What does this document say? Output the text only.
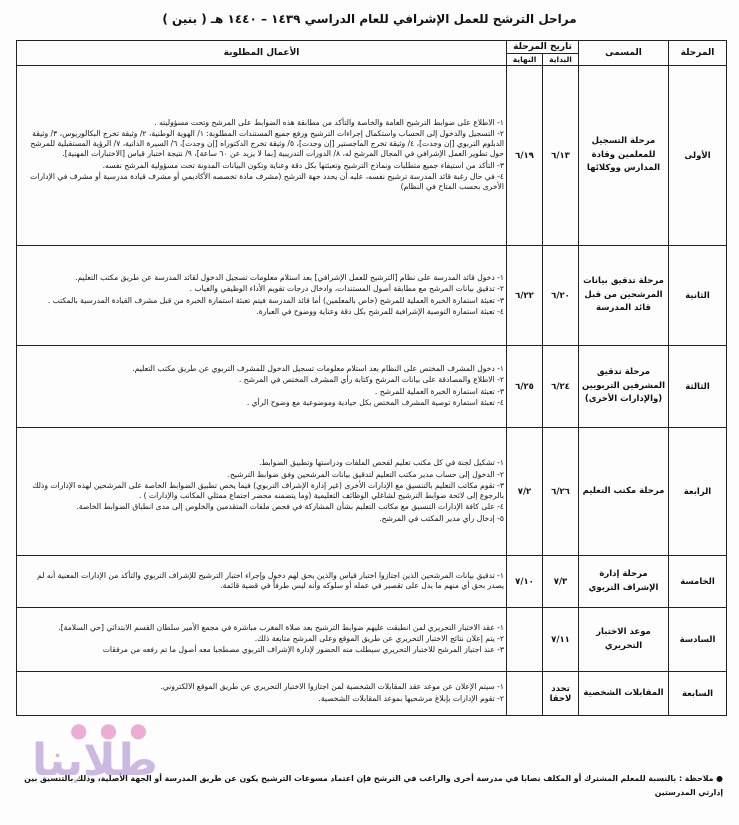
مراحل الترشح للعمل الإشرافي للعام الدراسي ١٤٣٩ – ١٤٤٠ هـ ( بنين )
المرحلة	المسمى	تاريخ المرحلة		الأعمال المطلوبة
		البداية	النهاية	
الأولى	مرحلة التسجيل للمعلمين وقادة المدارس ووكلائها	٦/١٣	٦/١٩	١- الاطلاع على ضوابط الترشيح العامة والخاصة والتأكد من مطابقة هذه الضوابط على المرشح وتحت مسؤوليته .

٢- التسجيل والدخول إلى الحساب واستكمال إجراءات الترشيح ورفع جميع المستندات المطلوبة: ١/ الهوية الوطنية، ٢/ وثيقة تخرج البكالوريوس، ٣/ وثيقة الدبلوم التربوي [إن وجدت]، ٤/ وثيقة تخرج الماجستير [إن وجدت]، ٥/ وثيقة تخرج الدكتوراه [إن وجدت]، ٦/ السيرة الذاتية، ٧/ الرؤية المستقبلية للمرشح حول تطوير العمل الإشرافي في المجال المرشح له، ٨/ الدورات التدريبية [بما لا يزيد عن ٦٠ ساعة]، ٩/ نتيجة اختبار قياس [الاختبارات المهنية].

٣- التأكد من استيفاء جميع متطلبات ونماذج الترشيح وتعبئتها بكل دقة وعناية وتكون البيانات المدونة تحت مسؤولية المرشح نفسه.

٤- في حال رغبة قائد المدرسة ترشيح نفسه، عليه أن يحدد جهة الترشح (مشرف مادة تخصصه الأكاديمي أو مشرف قيادة مدرسية أو مشرف في الإدارات الأخرى بحسب المتاح في النظام)

الثانية	مرحلة تدقيق بيانات المرشحين من قبل قائد المدرسة	٦/٢٠	٦/٢٢	١- دخول قائد المدرسة على نظام [الترشيح للعمل الإشرافي] بعد استلام معلومات تسجيل الدخول لقائد المدرسة عن طريق مكتب التعليم.

٢- تدقيق بيانات المرشح مع مطابقة أصول المستندات، وادخال درجات تقويم الأداء الوظيفي والغياب .

٣- تعبئة استمارة الخبرة العملية للمرشح (خاص بالمعلمين) أما قائد المدرسة فيتم تعبئة استمارة الخبرة من قبل مشرف القيادة المدرسية بالمكتب .

٤- تعبئة استمارة التوصية الإشرافية للمرشح بكل دقة وعناية ووضوح في العبارة.

الثالثة	مرحلة تدقيق المشرفين التربويين (والإدارات الأخرى)	٦/٢٤	٦/٢٥	١- دخول المشرف المختص على النظام بعد استلام معلومات تسجيل الدخول للمشرف التربوي عن طريق مكتب التعليم.

٢- الاطلاع والمصادقة على بيانات المرشح وكتابة رأي المشرف المختص في المرشح .

٣- تعبئة استمارة الخبرة العملية للمرشح .

٤- تعبئة استمارة توصية المشرف المختص بكل حيادية وموضوعية مع وضوح الرأي .

الرابعة	مرحلة مكتب التعليم	٦/٢٦	٧/٢	١- تشكيل لجنة في كل مكتب تعليم لفحص الملفات ودراستها وتطبيق الضوابط.

٢- الدخول إلى حساب مدير مكتب التعليم لتدقيق بيانات المرشحين وفق ضوابط الترشيح.

٣- تقوم مكاتب التعليم بالتنسيق مع الإدارات الأخرى (غير إدارة الإشراف التربوي) فيما يخص تطبيق الضوابط الخاصة على المرشحين لهذه الإدارات وذلك بالرجوع إلى لائحة ضوابط الترشيح لشاغلي الوظائف التعليمية (وما يتضمنه محضر اجتماع ممثلي المكاتب والإدارات ) .

٤- على كافة الإدارات التنسيق مع مكاتب التعليم بشأن المشاركة في فحص ملفات المتقدمين والخلوص إلى مدى انطباق الضوابط الخاصة.

٥- إدخال رأي مدير المكتب في المرشح.

الخامسة	مرحلة إدارة الإشراف التربوي	٧/٣	٧/١٠	١- تدقيق بيانات المرشحين الذين اجتازوا اختبار قياس والذين يحق لهم دخول وإجراء اختبار الترشيح للإشراف التربوي والتأكد من الإدارات المعنية أنه لم يصدر بحق أي منهم ما يدل على تقصير في عمله أو سلوكه وأنه ليس طرفاً في قضية قائمة.

السادسة	موعد الاختبار التحريري	٧/١١		١- عقد الاختبار التحريري لمن انطبقت عليهم ضوابط الترشيح بعد صلاة المغرب مباشرة في مجمع الأمير سلطان القسم الابتدائي [حي السلامة].

٢- يتم إعلان نتائج الاختبار التحريري عن طريق الموقع وعلى المرشح متابعة ذلك.

٣- عند اجتياز المرشح للاختبار التحريري سيطلب منه الحضور لإدارة الإشراف التربوي مصطحبا معه أصول ما تم رفعه من مرفقات

السابعة	المقابلات الشخصية	تحدد لاحقا		١- سيتم الإعلان عن موعد عقد المقابلات الشخصية لمن اجتازوا الاختبار التحريري عن طريق الموقع الالكتروني.

٢- تقوم الإدارات بإبلاغ مرشحيها بموعد المقابلات الشخصية.

● ملاحظة : بالنسبة للمعلم المشترك أو المكلف نصابا في مدرسة أخرى والراغب في الترشح فإن اعتماد مسوغات الترشيح يكون عن طريق المدرسة أو الجهة الأصلية، وذلك بالتنسيق بين إدارتي المدرستين
● ● ●
طلابنا
